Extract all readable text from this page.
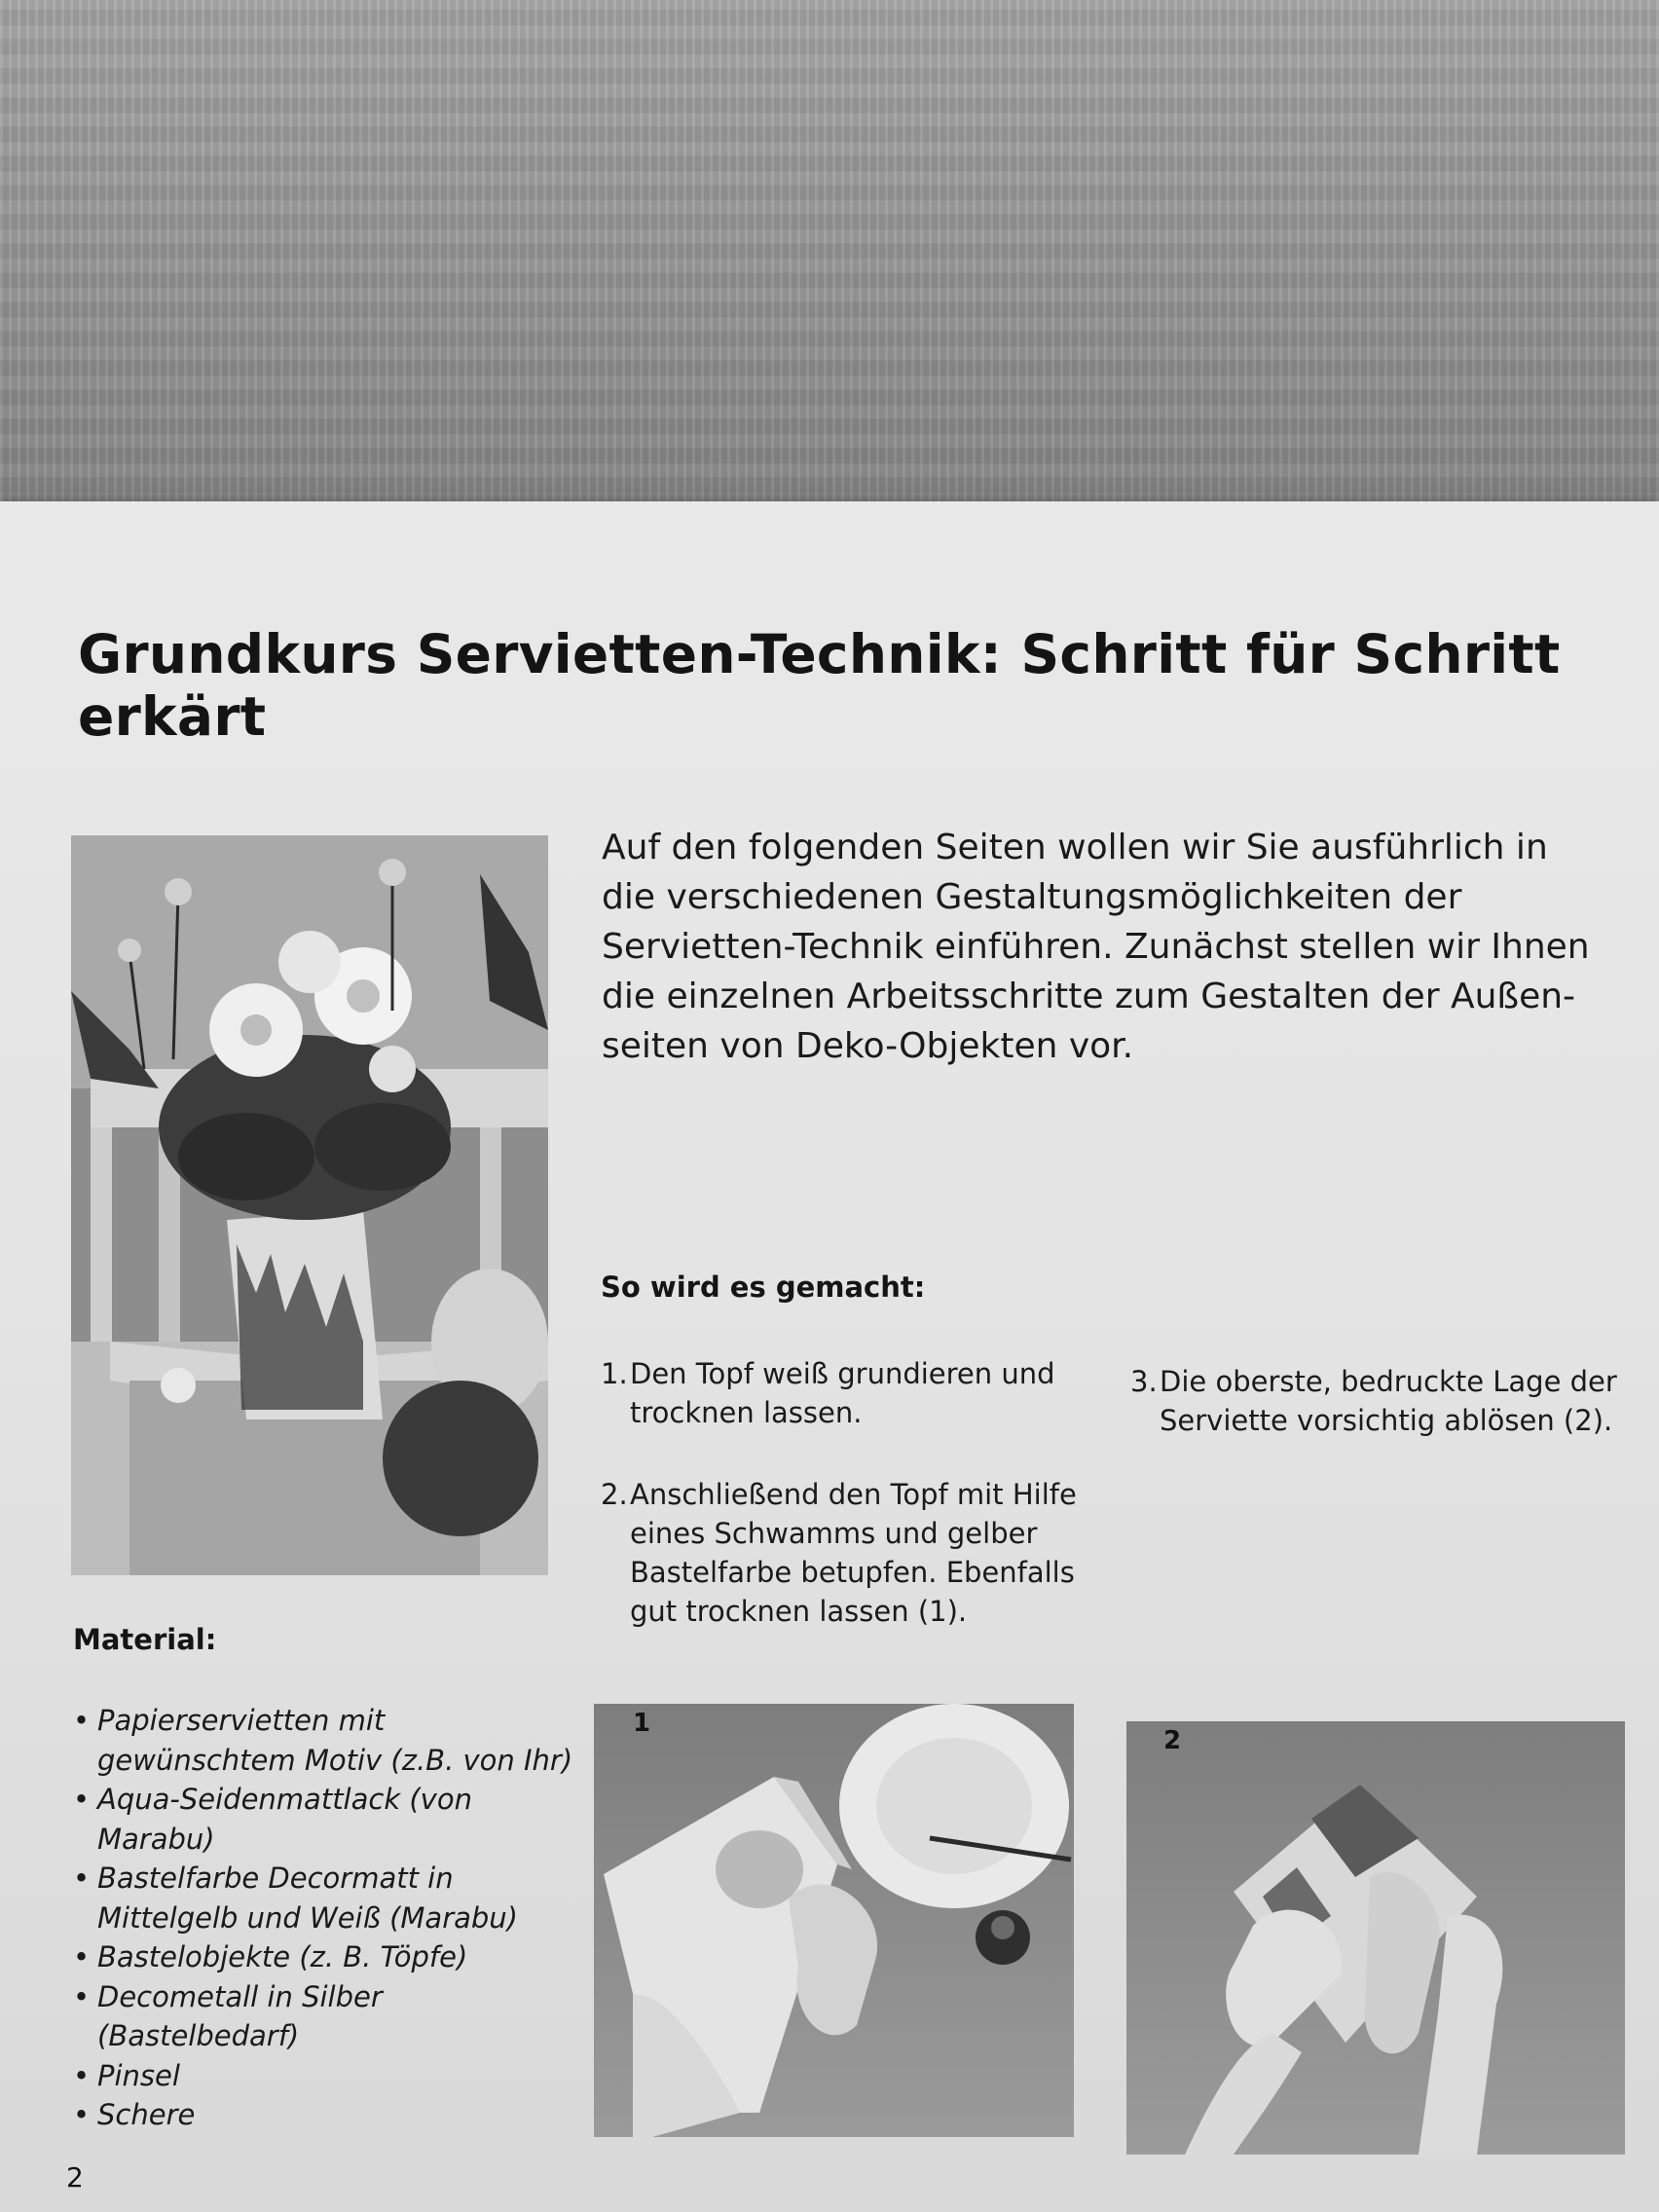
Grundkurs Servietten-Technik: Schritt für Schritt erkärt

Auf den folgenden Seiten wollen wir Sie ausführlich in die verschiedenen Gestaltungsmöglichkeiten der Servietten-Technik einführen. Zunächst stellen wir Ihnen die einzelnen Arbeitsschritte zum Gestalten der Außen-seiten von Deko-Objekten vor.

So wird es gemacht:

1. Den Topf weiß grundieren und trocknen lassen.

2. Anschließend den Topf mit Hilfe eines Schwamms und gelber Bastelfarbe betupfen. Ebenfalls gut trocknen lassen (1).

3. Die oberste, bedruckte Lage der Serviette vorsichtig ablösen (2).

Material:
• Papierservietten mit gewünschtem Motiv (z.B. von Ihr)
• Aqua-Seidenmattlack (von Marabu)
• Bastelfarbe Decormatt in Mittelgelb und Weiß (Marabu)
• Bastelobjekte (z. B. Töpfe)
• Decometall in Silber (Bastelbedarf)
• Pinsel
• Schere
1
2
2
